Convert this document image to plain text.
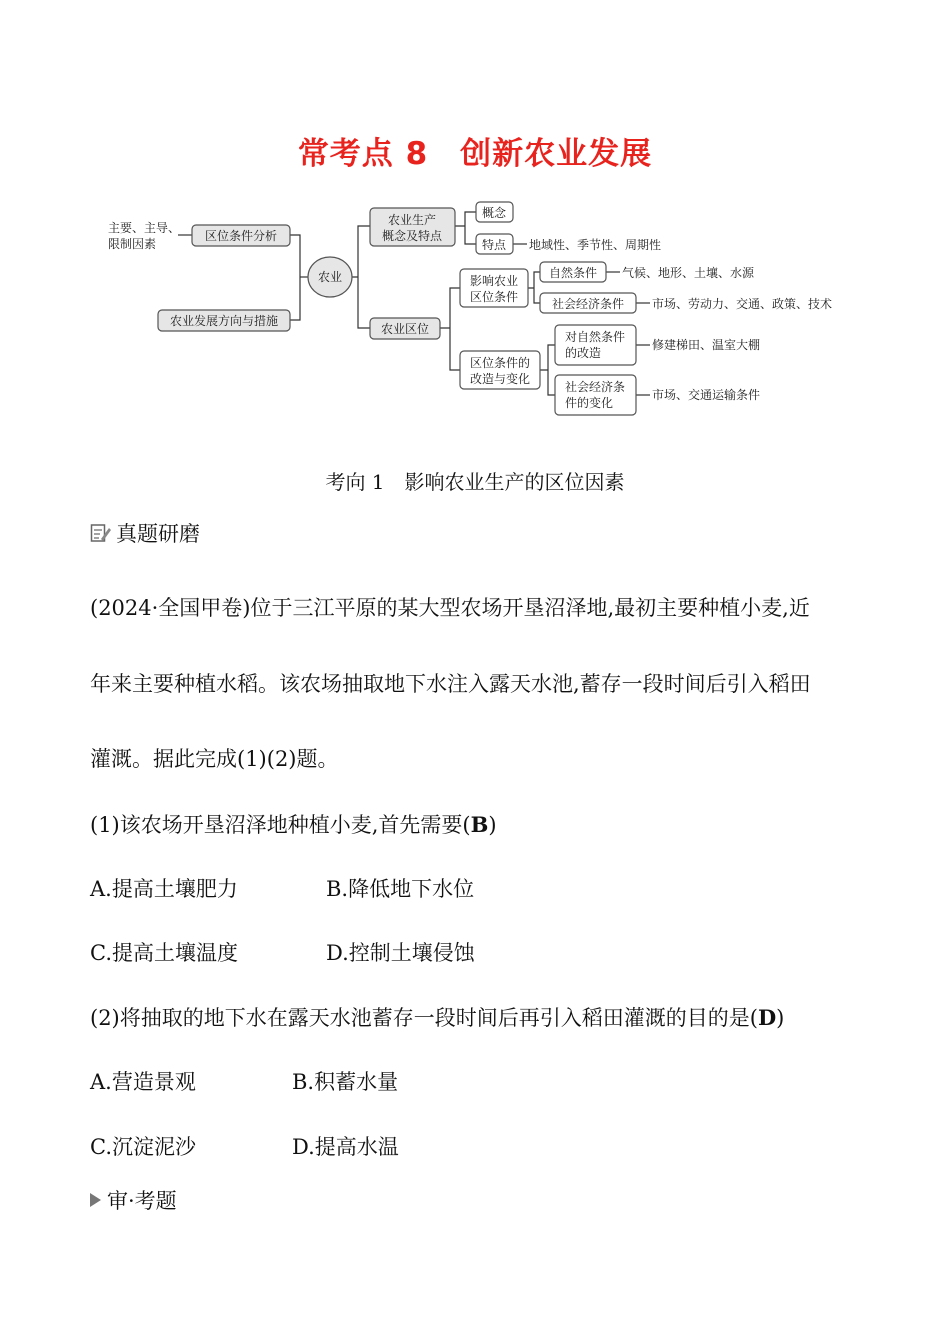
常考点 8　创新农业发展
主要、主导、
限制因素
区位条件分析
农业发展方向与措施
农业
农业生产
概念及特点
概念
特点 地域性、季节性、周期性
农业区位
影响农业
区位条件
自然条件 气候、地形、土壤、水源
社会经济条件 市场、劳动力、交通、政策、技术
区位条件的
改造与变化
对自然条件
的改造
修建梯田、温室大棚
社会经济条
件的变化
市场、交通运输条件
考向 1　影响农业生产的区位因素
真题研磨
(2024·全国甲卷)位于三江平原的某大型农场开垦沼泽地,最初主要种植小麦,近
年来主要种植水稻。该农场抽取地下水注入露天水池,蓄存一段时间后引入稻田
灌溉。据此完成(1)(2)题。
(1)该农场开垦沼泽地种植小麦,首先需要(B)
A.提高土壤肥力	B.降低地下水位
C.提高土壤温度	D.控制土壤侵蚀
(2)将抽取的地下水在露天水池蓄存一段时间后再引入稻田灌溉的目的是(D)
A.营造景观	B.积蓄水量
C.沉淀泥沙	D.提高水温
审·考题
